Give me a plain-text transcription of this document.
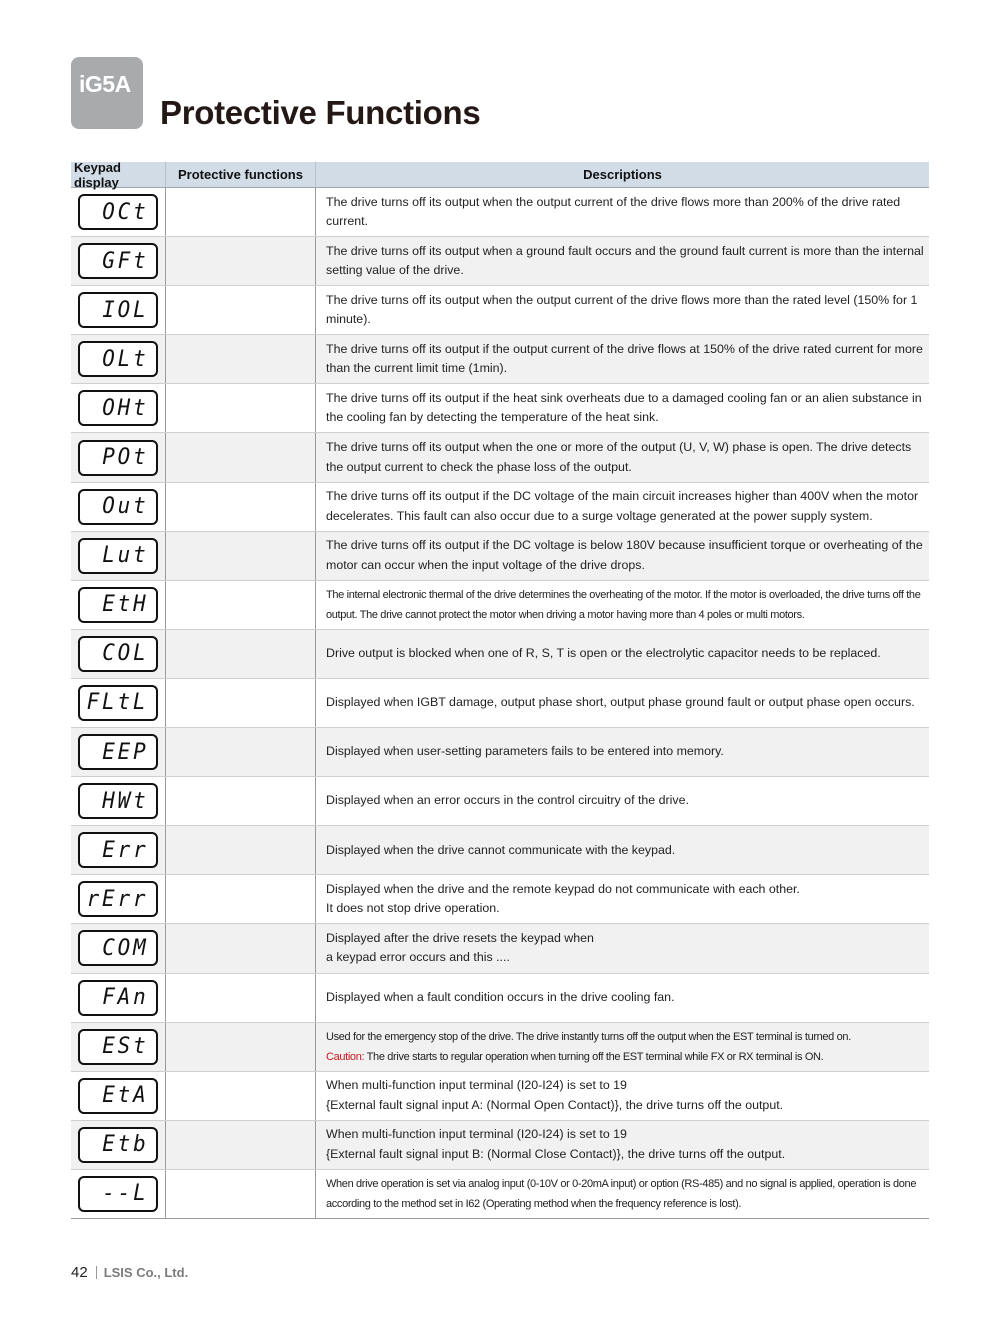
iG5A
Protective Functions
Keypad display	Protective functions	Descriptions
OCt	The drive turns off its output when the output current of the drive flows more than 200% of the drive rated current.
GFt	The drive turns off its output when a ground fault occurs and the ground fault current is more than the internal setting value of the drive.
IOL	The drive turns off its output when the output current of the drive flows more than the rated level (150% for 1 minute).
OLt	The drive turns off its output if the output current of the drive flows at 150% of the drive rated current for more than the current limit time (1min).
OHt	The drive turns off its output if the heat sink overheats due to a damaged cooling fan or an alien substance in the cooling fan by detecting the temperature of the heat sink.
POt	The drive turns off its output when the one or more of the output (U, V, W) phase is open. The drive detects the output current to check the phase loss of the output.
Out	The drive turns off its output if the DC voltage of the main circuit increases higher than 400V when the motor decelerates. This fault can also occur due to a surge voltage generated at the power supply system.
Lut	The drive turns off its output if the DC voltage is below 180V because insufficient torque or overheating of the motor can occur when the input voltage of the drive drops.
EtH	The internal electronic thermal of the drive determines the overheating of the motor. If the motor is overloaded, the drive turns off the output. The drive cannot protect the motor when driving a motor having more than 4 poles or multi motors.
COL	Drive output is blocked when one of R, S, T is open or the electrolytic capacitor needs to be replaced.
FLtL	Displayed when IGBT damage, output phase short, output phase ground fault or output phase open occurs.
EEP	Displayed when user-setting parameters fails to be entered into memory.
HWt	Displayed when an error occurs in the control circuitry of the drive.
Err	Displayed when the drive cannot communicate with the keypad.
rErr	Displayed when the drive and the remote keypad do not communicate with each other.
It does not stop drive operation.
COM	Displayed after the drive resets the keypad when
a keypad error occurs and this ....
FAn	Displayed when a fault condition occurs in the drive cooling fan.
ESt	Used for the emergency stop of the drive. The drive instantly turns off the output when the EST terminal is turned on.
Caution: The drive starts to regular operation when turning off the EST terminal while FX or RX terminal is ON.
EtA	When multi-function input terminal (I20-I24) is set to 19
{External fault signal input A: (Normal Open Contact)}, the drive turns off the output.
Etb	When multi-function input terminal (I20-I24) is set to 19
{External fault signal input B: (Normal Close Contact)}, the drive turns off the output.
--L	When drive operation is set via analog input (0-10V or 0-20mA input) or option (RS-485) and no signal is applied, operation is done according to the method set in I62 (Operating method when the frequency reference is lost).
42 LSIS Co., Ltd.
